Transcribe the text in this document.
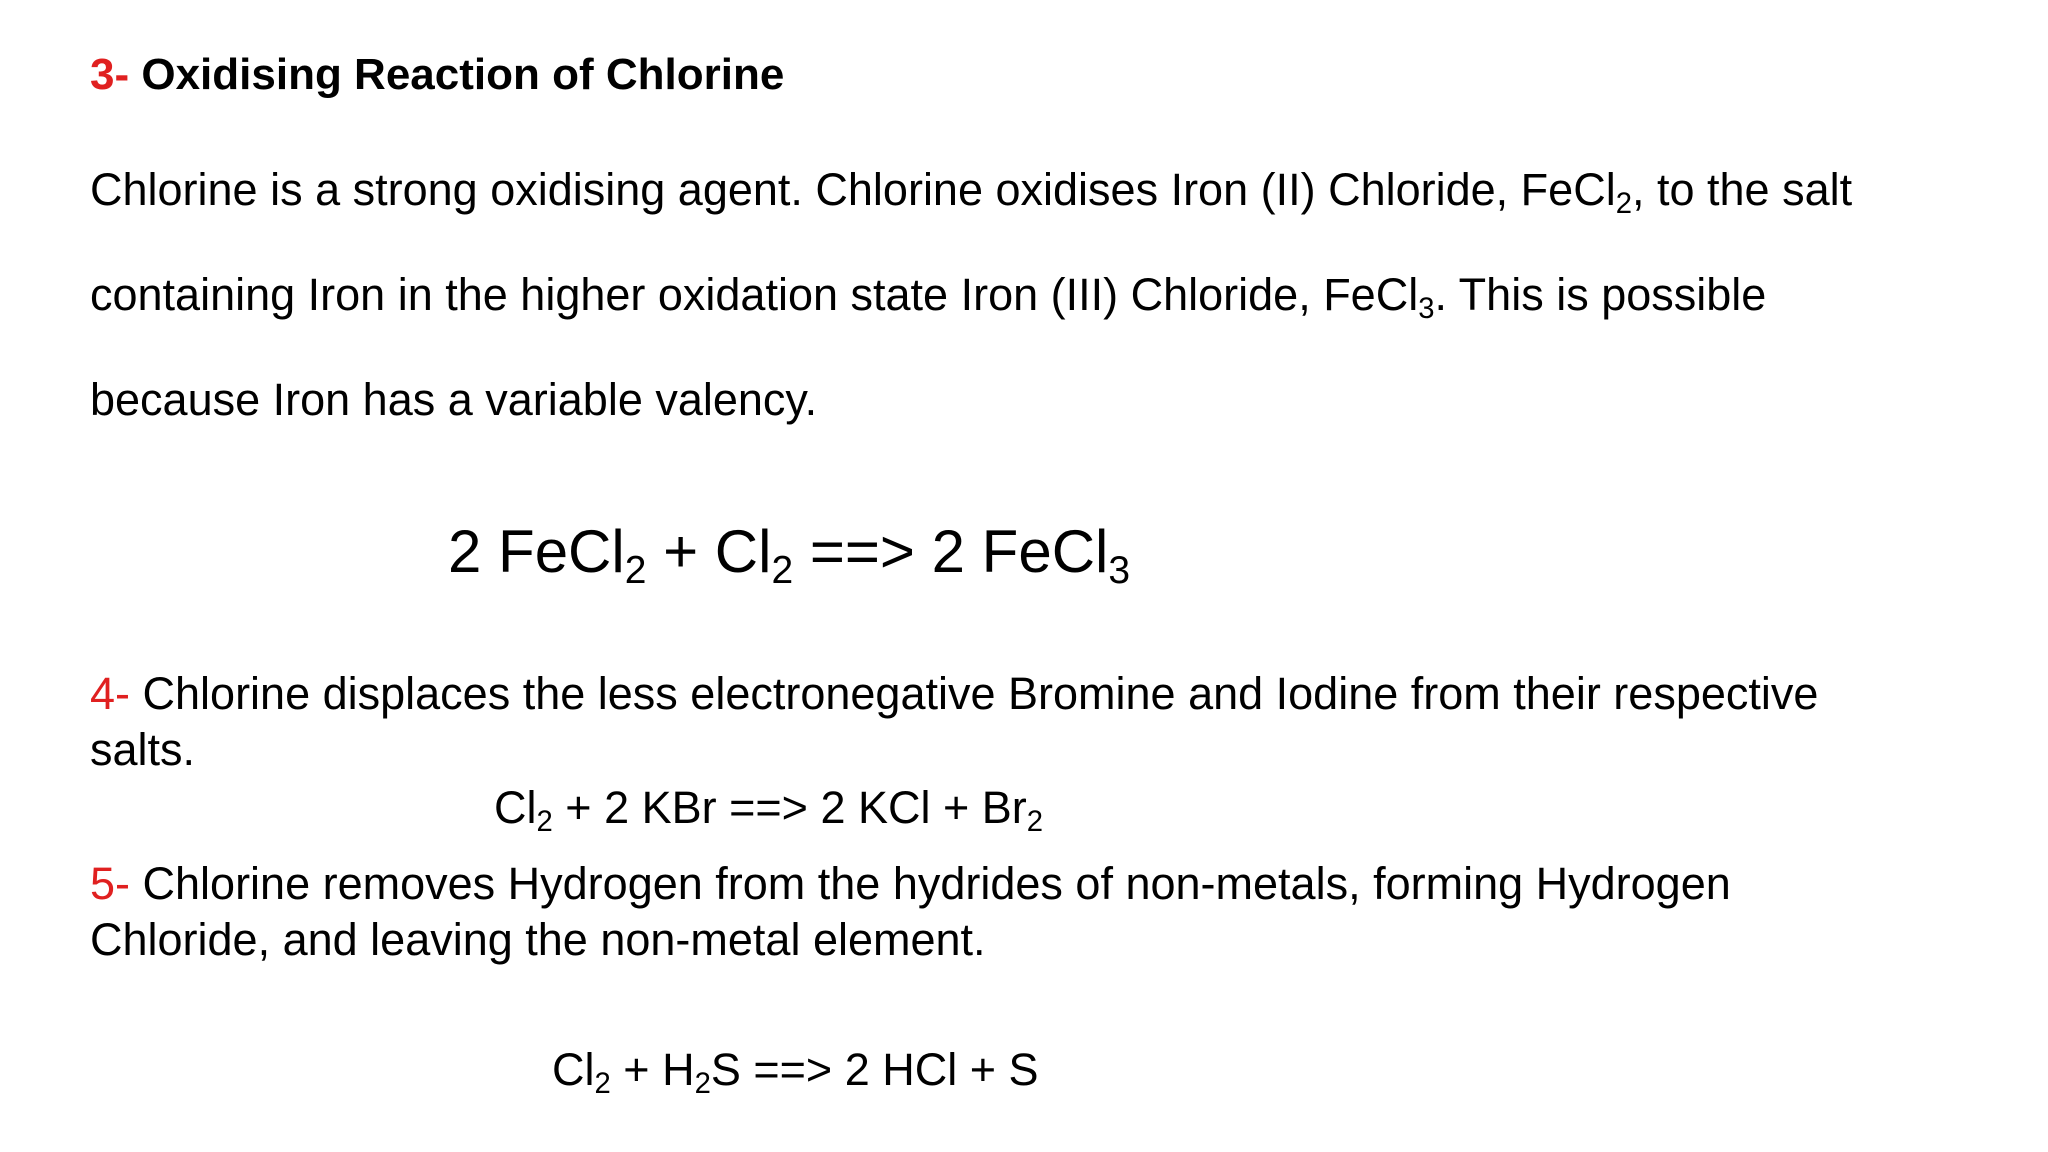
3- Oxidising Reaction of Chlorine
Chlorine is a strong oxidising agent. Chlorine oxidises Iron (II) Chloride, FeCl$_2$, to the salt
containing Iron in the higher oxidation state Iron (III) Chloride, FeCl$_3$. This is possible
because Iron has a variable valency.
2 FeCl$_2$ + $Cl_2$ ==> 2 FeCl$_3$
4- Chlorine displaces the less electronegative Bromine and Iodine from their respective salts.
$Cl_2 + 2$ KBr ==> 2 KCl + $Br_2$
5- Chlorine removes Hydrogen from the hydrides of non-metals, forming Hydrogen Chloride, and leaving the non-metal element.
$Cl_2 + H_2S$ ==> 2 HCl + S
